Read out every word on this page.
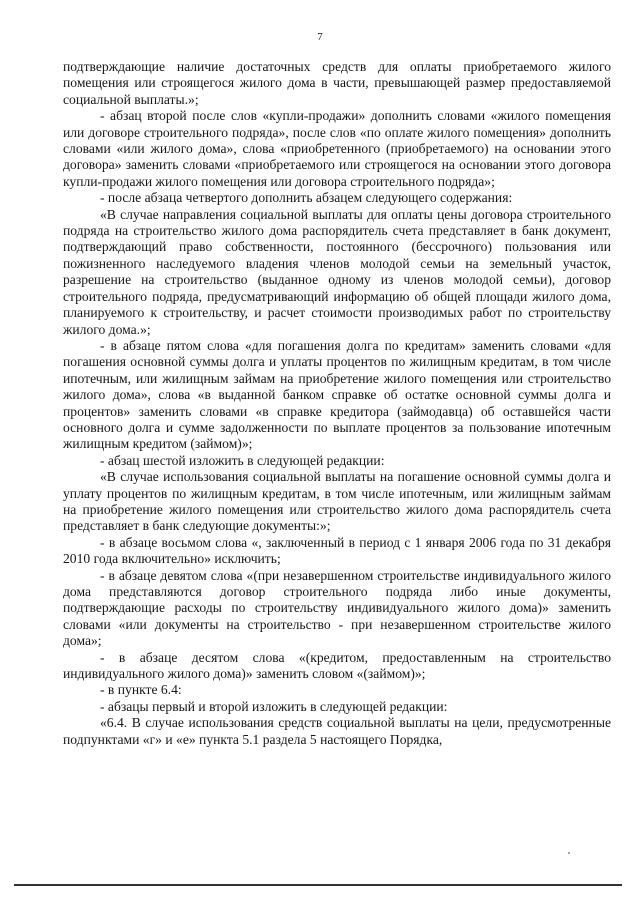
7

подтверждающие наличие достаточных средств для оплаты приобретаемого жилого помещения или строящегося жилого дома в части, превышающей размер предоставляемой социальной выплаты.»;

- абзац второй после слов «купли-продажи» дополнить словами «жилого помещения или договоре строительного подряда», после слов «по оплате жилого помещения» дополнить словами «или жилого дома», слова «приобретенного (приобретаемого) на основании этого договора» заменить словами «приобретаемого или строящегося на основании этого договора купли-продажи жилого помещения или договора строительного подряда»;

- после абзаца четвертого дополнить абзацем следующего содержания:

«В случае направления социальной выплаты для оплаты цены договора строительного подряда на строительство жилого дома распорядитель счета представляет в банк документ, подтверждающий право собственности, постоянного (бессрочного) пользования или пожизненного наследуемого владения членов молодой семьи на земельный участок, разрешение на строительство (выданное одному из членов молодой семьи), договор строительного подряда, предусматривающий информацию об общей площади жилого дома, планируемого к строительству, и расчет стоимости производимых работ по строительству жилого дома.»;

- в абзаце пятом слова «для погашения долга по кредитам» заменить словами «для погашения основной суммы долга и уплаты процентов по жилищным кредитам, в том числе ипотечным, или жилищным займам на приобретение жилого помещения или строительство жилого дома», слова «в выданной банком справке об остатке основной суммы долга и процентов» заменить словами «в справке кредитора (займодавца) об оставшейся части основного долга и сумме задолженности по выплате процентов за пользование ипотечным жилищным кредитом (займом)»;

- абзац шестой изложить в следующей редакции:

«В случае использования социальной выплаты на погашение основной суммы долга и уплату процентов по жилищным кредитам, в том числе ипотечным, или жилищным займам на приобретение жилого помещения или строительство жилого дома распорядитель счета представляет в банк следующие документы:»;

- в абзаце восьмом слова «, заключенный в период с 1 января 2006 года по 31 декабря 2010 года включительно» исключить;

- в абзаце девятом слова «(при незавершенном строительстве индивидуального жилого дома представляются договор строительного подряда либо иные документы, подтверждающие расходы по строительству индивидуального жилого дома)» заменить словами «или документы на строительство - при незавершенном строительстве жилого дома»;

- в абзаце десятом слова «(кредитом, предоставленным на строительство индивидуального жилого дома)» заменить словом «(займом)»;

- в пункте 6.4:

- абзацы первый и второй изложить в следующей редакции:

«6.4. В случае использования средств социальной выплаты на цели, предусмотренные подпунктами «г» и «е» пункта 5.1 раздела 5 настоящего Порядка,
